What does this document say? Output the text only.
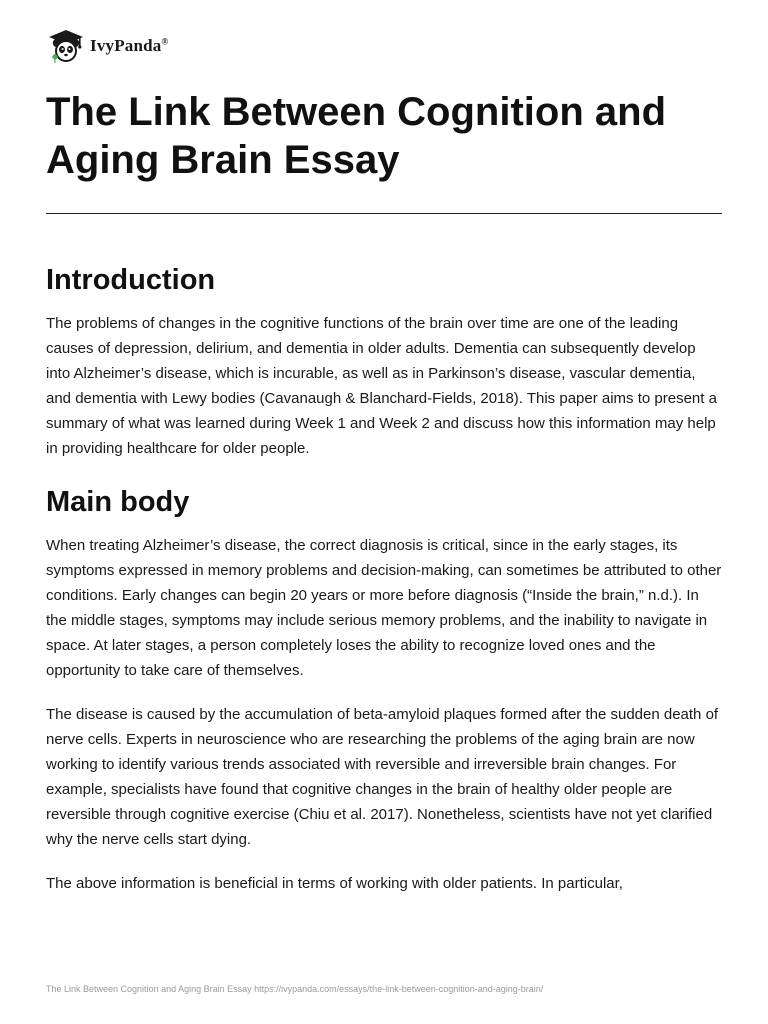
IvyPanda®
The Link Between Cognition and Aging Brain Essay
Introduction

The problems of changes in the cognitive functions of the brain over time are one of the leading causes of depression, delirium, and dementia in older adults. Dementia can subsequently develop into Alzheimer’s disease, which is incurable, as well as in Parkinson’s disease, vascular dementia, and dementia with Lewy bodies (Cavanaugh & Blanchard-Fields, 2018). This paper aims to present a summary of what was learned during Week 1 and Week 2 and discuss how this information may help in providing healthcare for older people.

Main body

When treating Alzheimer’s disease, the correct diagnosis is critical, since in the early stages, its symptoms expressed in memory problems and decision-making, can sometimes be attributed to other conditions. Early changes can begin 20 years or more before diagnosis (“Inside the brain,” n.d.). In the middle stages, symptoms may include serious memory problems, and the inability to navigate in space. At later stages, a person completely loses the ability to recognize loved ones and the opportunity to take care of themselves.

The disease is caused by the accumulation of beta-amyloid plaques formed after the sudden death of nerve cells. Experts in neuroscience who are researching the problems of the aging brain are now working to identify various trends associated with reversible and irreversible brain changes. For example, specialists have found that cognitive changes in the brain of healthy older people are reversible through cognitive exercise (Chiu et al. 2017). Nonetheless, scientists have not yet clarified why the nerve cells start dying.

The above information is beneficial in terms of working with older patients. In particular,

The Link Between Cognition and Aging Brain Essay https://ivypanda.com/essays/the-link-between-cognition-and-aging-brain/
